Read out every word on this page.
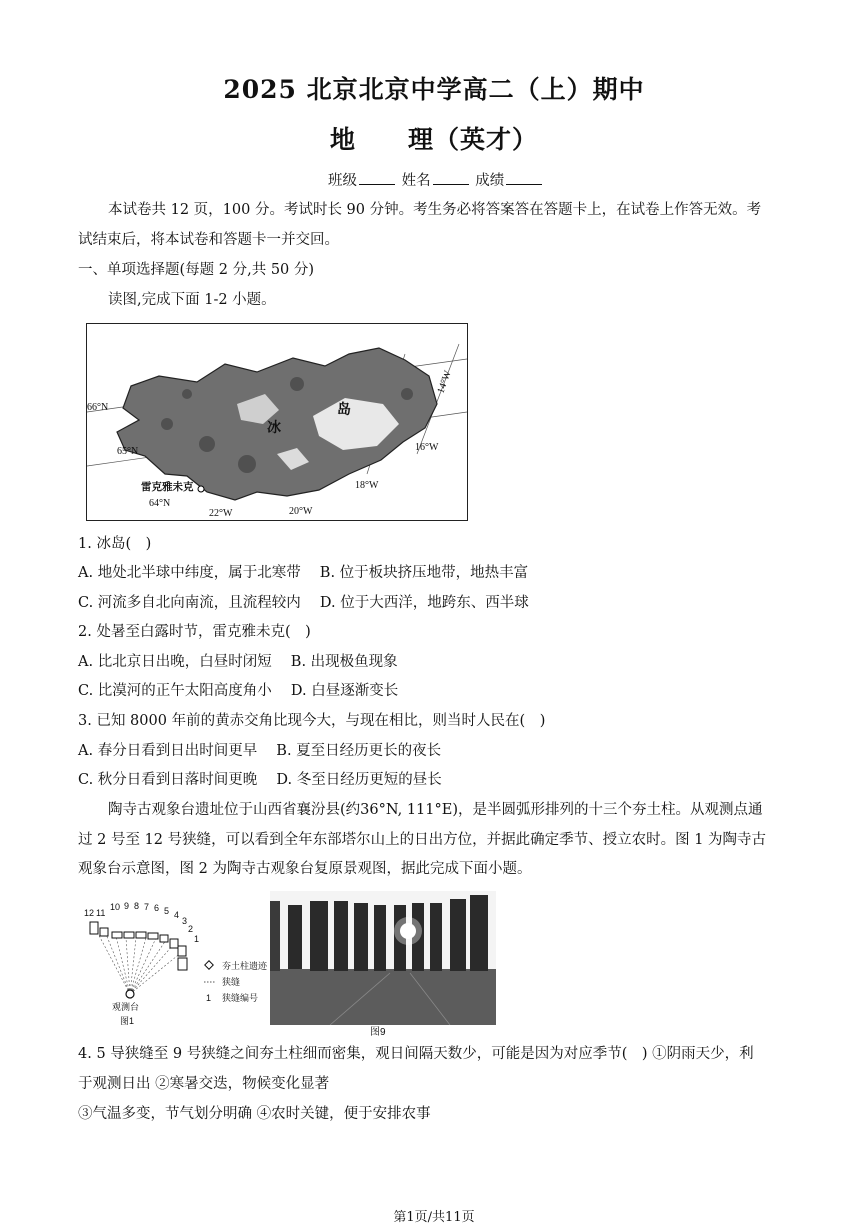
2025 北京北京中学高二（上）期中
地　　理（英才）
班级	姓名	成绩
本试卷共 12 页，100 分。考试时长 90 分钟。考生务必将答案答在答题卡上，在试卷上作答无效。考
试结束后，将本试卷和答题卡一并交回。
一、单项选择题(每题 2 分,共 50 分)
读图,完成下面 1-2 小题。
66°N
65°N
64°N
14°W
16°W
18°W
20°W
22°W
冰
岛
雷克雅未克
1. 冰岛(　)
A. 地处北半球中纬度，属于北寒带　 B. 位于板块挤压地带，地热丰富
C. 河流多自北向南流，且流程较内　 D. 位于大西洋，地跨东、西半球
2. 处暑至白露时节，雷克雅未克(　)
A. 比北京日出晚，白昼时闭短　 B. 出现极鱼现象
C. 比漠河的正午太阳高度角小　 D. 白昼逐渐变长
3. 已知 8000 年前的黄赤交角比现今大，与现在相比，则当时人民在(　)
A. 春分日看到日出时间更早　 B. 夏至日经历更长的夜长
C. 秋分日看到日落时间更晚　 D. 冬至日经历更短的昼长
陶寺古观象台遗址位于山西省襄汾县(约36°N, 111°E)，是半圆弧形排列的十三个夯土柱。从观测点通
过 2 号至 12 号狭缝，可以看到全年东部塔尔山上的日出方位，并据此确定季节、授立农时。图 1 为陶寺古
观象台示意图，图 2 为陶寺古观象台复原景观图，据此完成下面小题。
12 11
10 9 8 7 6 5 4
3
2
1
观测台
图1
夯土柱遗迹
狭缝
1 狭缝编号
图9
4. 5 导狭缝至 9 号狭缝之间夯土柱细而密集，观日间隔天数少，可能是因为对应季节(　) ①阴雨天少，利
于观测日出 ②寒暑交迭，物候变化显著
③气温多变，节气划分明确 ④农时关键，便于安排农事
第1页/共11页
